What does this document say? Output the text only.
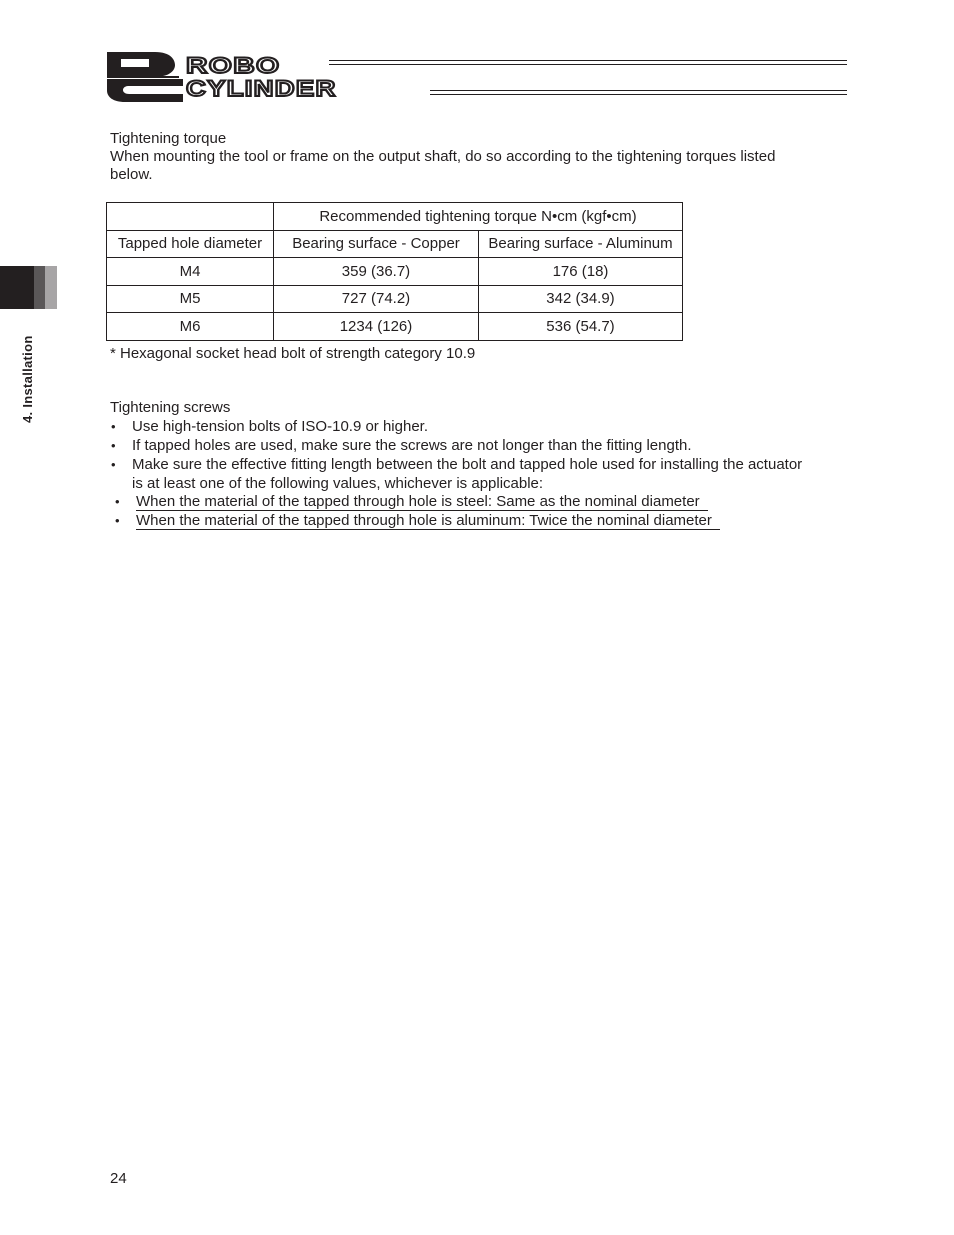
ROBO
CYLINDER
4. Installation

Tightening torque

When mounting the tool or frame on the output shaft, do so according to the tightening torques listed

below.

	Recommended tightening torque N•cm (kgf•cm)	
Tapped hole diameter	Bearing surface - Copper	Bearing surface - Aluminum
M4	359 (36.7)	176 (18)
M5	727 (74.2)	342 (34.9)
M6	1234 (126)	536 (54.7)

* Hexagonal socket head bolt of strength category 10.9

Tightening screws

• Use high-tension bolts of ISO-10.9 or higher.
• If tapped holes are used, make sure the screws are not longer than the fitting length.
• Make sure the effective fitting length between the bolt and tapped hole used for installing the actuator
is at least one of the following values, whichever is applicable:
• When the material of the tapped through hole is steel: Same as the nominal diameter
• When the material of the tapped through hole is aluminum: Twice the nominal diameter
24
